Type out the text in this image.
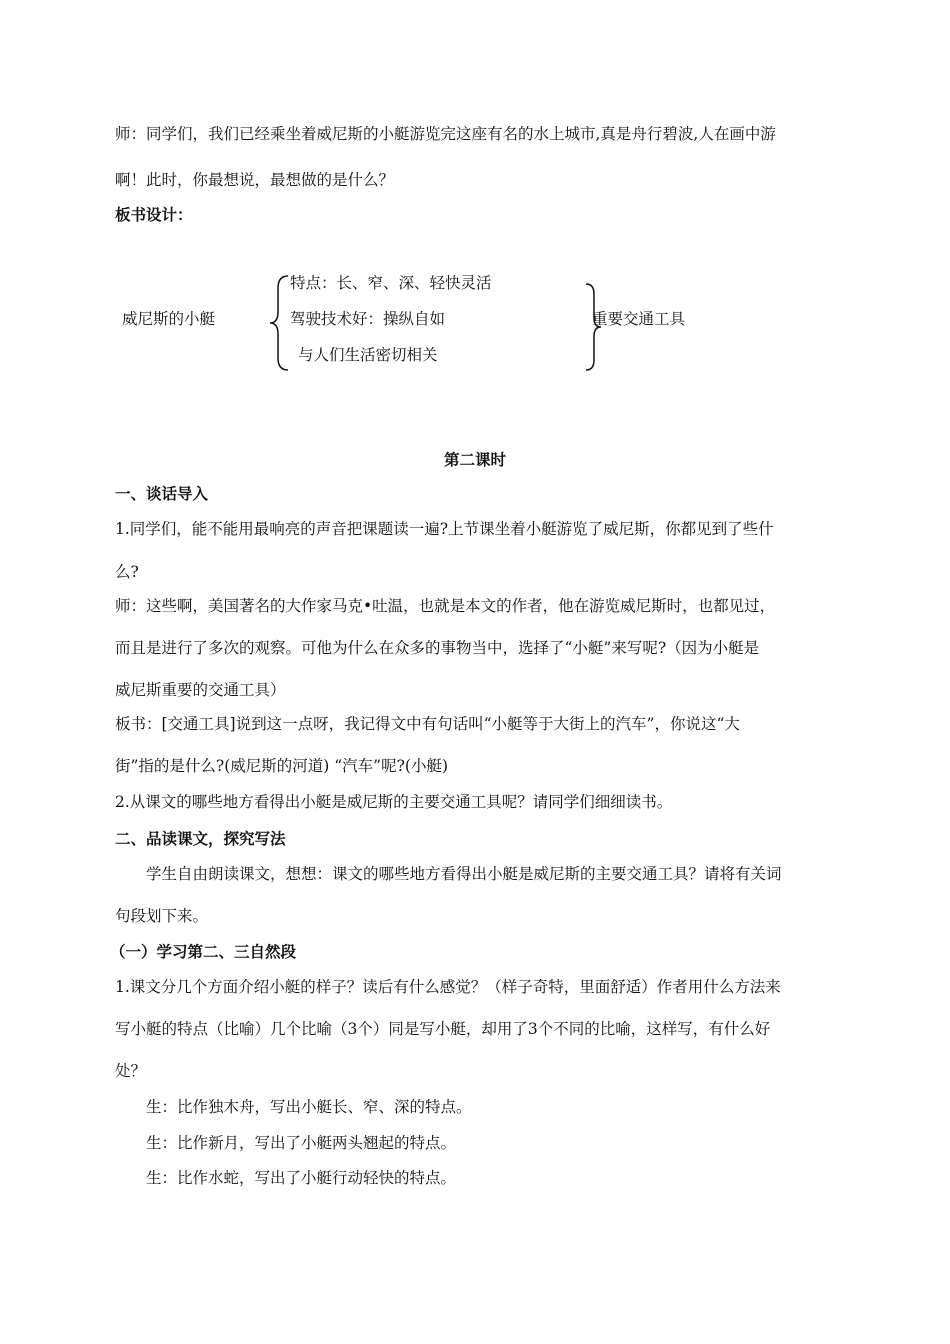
师：同学们，我们已经乘坐着威尼斯的小艇游览完这座有名的水上城市,真是舟行碧波,人在画中游
啊！此时，你最想说，最想做的是什么？
板书设计：
威尼斯的小艇
特点：长、窄、深、轻快灵活
驾驶技术好：操纵自如
与人们生活密切相关
重要交通工具
第二课时
一、谈话导入
1.同学们，能不能用最响亮的声音把课题读一遍?上节课坐着小艇游览了威尼斯，你都见到了些什
么?
师：这些啊，美国著名的大作家马克•吐温，也就是本文的作者，他在游览威尼斯时，也都见过，
而且是进行了多次的观察。可他为什么在众多的事物当中，选择了“小艇”来写呢?（因为小艇是
威尼斯重要的交通工具）
板书：[交通工具]说到这一点呀，我记得文中有句话叫“小艇等于大街上的汽车”，你说这“大
街”指的是什么?(威尼斯的河道) “汽车”呢?(小艇)
2.从课文的哪些地方看得出小艇是威尼斯的主要交通工具呢？请同学们细细读书。
二、品读课文，探究写法
学生自由朗读课文，想想：课文的哪些地方看得出小艇是威尼斯的主要交通工具？请将有关词
句段划下来。
（一）学习第二、三自然段
1.课文分几个方面介绍小艇的样子？读后有什么感觉？（样子奇特，里面舒适）作者用什么方法来
写小艇的特点（比喻）几个比喻（3个）同是写小艇，却用了3个不同的比喻，这样写，有什么好
处？
生：比作独木舟，写出小艇长、窄、深的特点。
生：比作新月，写出了小艇两头翘起的特点。
生：比作水蛇，写出了小艇行动轻快的特点。
